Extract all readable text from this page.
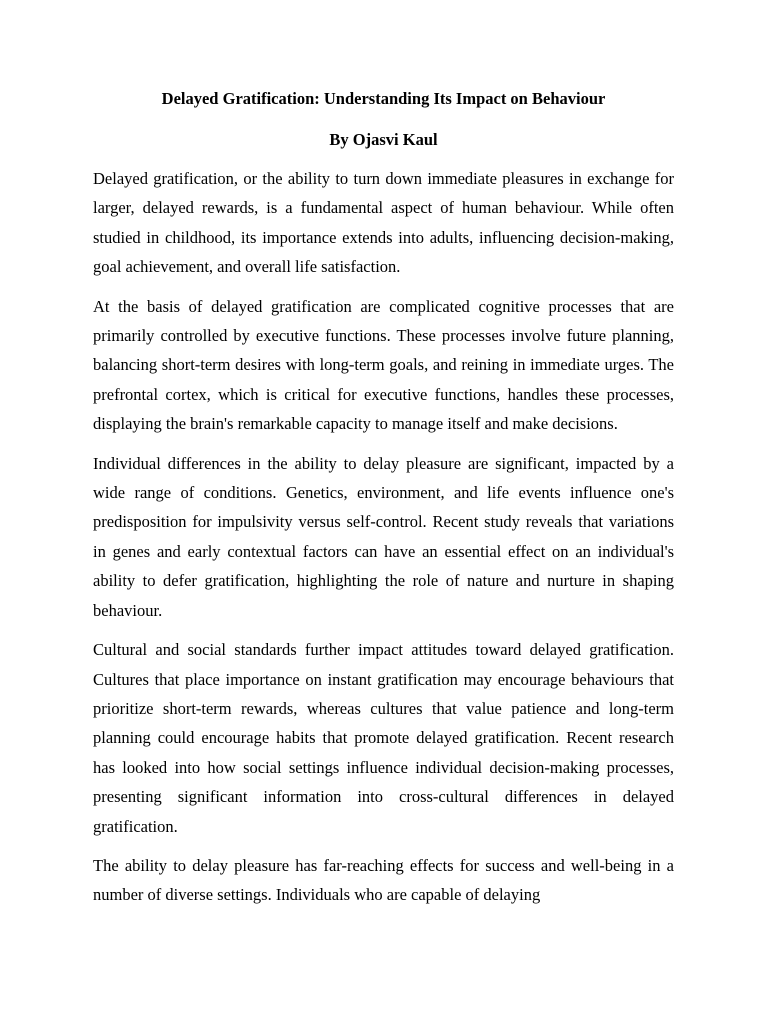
Delayed Gratification: Understanding Its Impact on Behaviour

By Ojasvi Kaul

Delayed gratification, or the ability to turn down immediate pleasures in exchange for larger, delayed rewards, is a fundamental aspect of human behaviour. While often studied in childhood, its importance extends into adults, influencing decision-making, goal achievement, and overall life satisfaction.

At the basis of delayed gratification are complicated cognitive processes that are primarily controlled by executive functions. These processes involve future planning, balancing short-term desires with long-term goals, and reining in immediate urges. The prefrontal cortex, which is critical for executive functions, handles these processes, displaying the brain's remarkable capacity to manage itself and make decisions.

Individual differences in the ability to delay pleasure are significant, impacted by a wide range of conditions. Genetics, environment, and life events influence one's predisposition for impulsivity versus self-control. Recent study reveals that variations in genes and early contextual factors can have an essential effect on an individual's ability to defer gratification, highlighting the role of nature and nurture in shaping behaviour.

Cultural and social standards further impact attitudes toward delayed gratification. Cultures that place importance on instant gratification may encourage behaviours that prioritize short-term rewards, whereas cultures that value patience and long-term planning could encourage habits that promote delayed gratification. Recent research has looked into how social settings influence individual decision-making processes, presenting significant information into cross-cultural differences in delayed gratification.

The ability to delay pleasure has far-reaching effects for success and well-being in a number of diverse settings. Individuals who are capable of delaying
